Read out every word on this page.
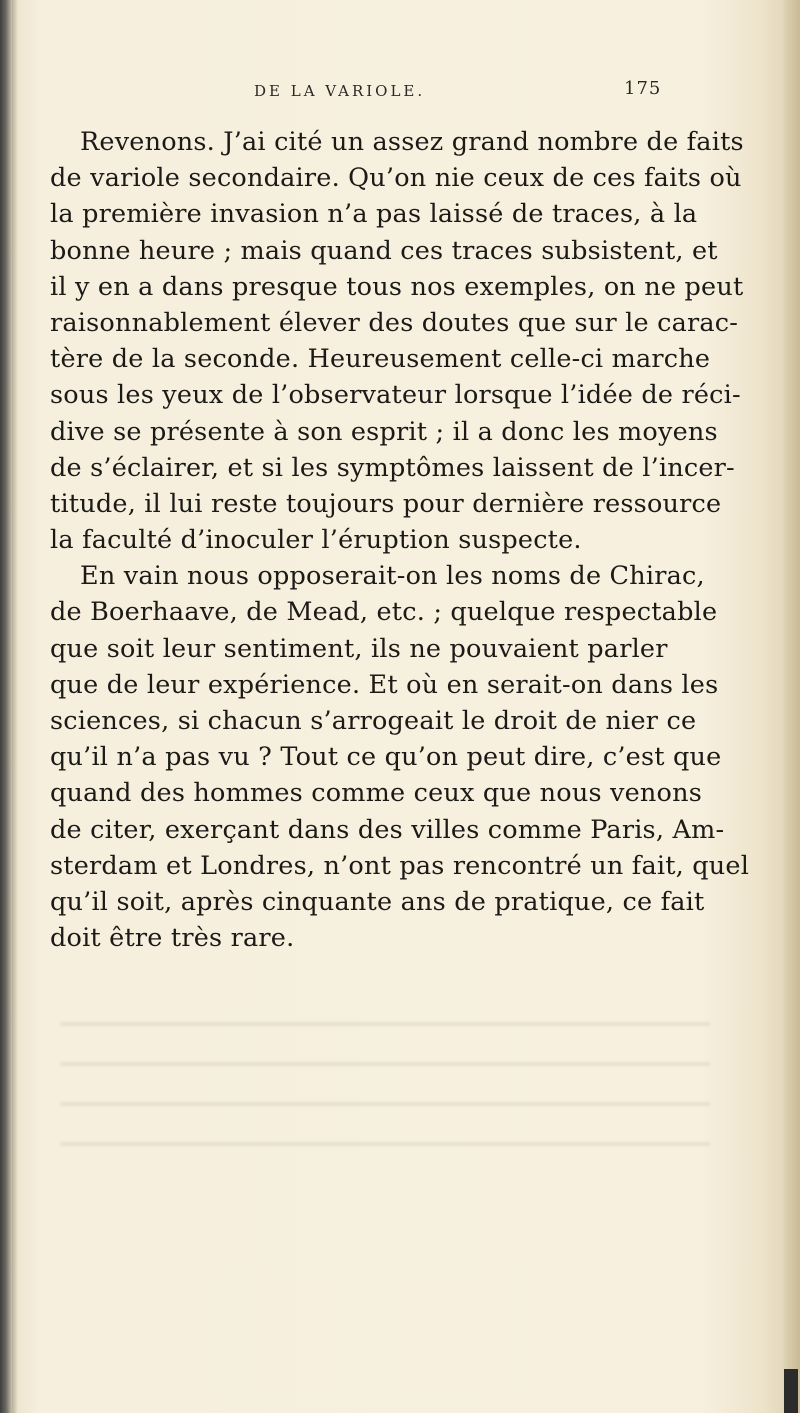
DE LA VARIOLE.	175
Revenons. J’ai cité un assez grand nombre de faits
de variole secondaire. Qu’on nie ceux de ces faits où
la première invasion n’a pas laissé de traces, à la
bonne heure ; mais quand ces traces subsistent, et
il y en a dans presque tous nos exemples, on ne peut
raisonnablement élever des doutes que sur le carac-
tère de la seconde. Heureusement celle-ci marche
sous les yeux de l’observateur lorsque l’idée de réci-
dive se présente à son esprit ; il a donc les moyens
de s’éclairer, et si les symptômes laissent de l’incer-
titude, il lui reste toujours pour dernière ressource
la faculté d’inoculer l’éruption suspecte.
En vain nous opposerait-on les noms de Chirac,
de Boerhaave, de Mead, etc. ; quelque respectable
que soit leur sentiment, ils ne pouvaient parler
que de leur expérience. Et où en serait-on dans les
sciences, si chacun s’arrogeait le droit de nier ce
qu’il n’a pas vu ? Tout ce qu’on peut dire, c’est que
quand des hommes comme ceux que nous venons
de citer, exerçant dans des villes comme Paris, Am-
sterdam et Londres, n’ont pas rencontré un fait, quel
qu’il soit, après cinquante ans de pratique, ce fait
doit être très rare.
